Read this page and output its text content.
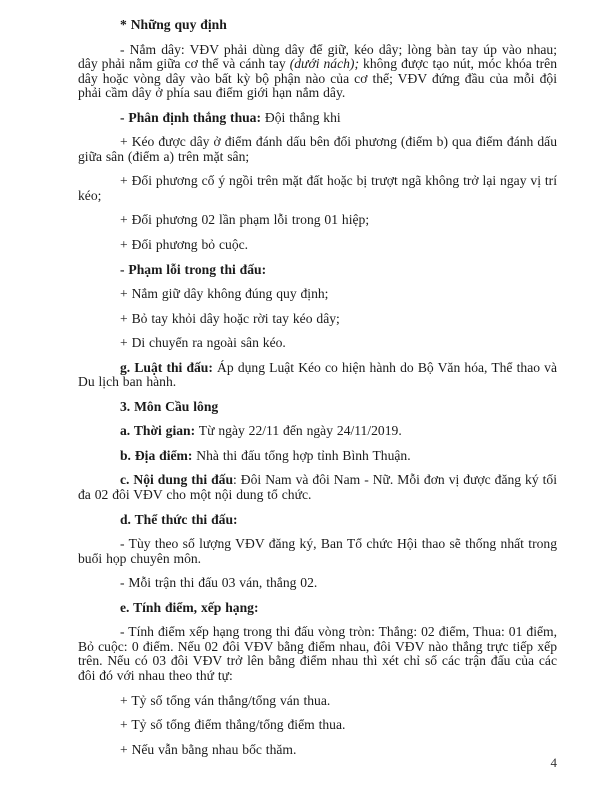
* Những quy định

- Nắm dây: VĐV phải dùng dây để giữ, kéo dây; lòng bàn tay úp vào nhau; dây phải nằm giữa cơ thể và cánh tay (dưới nách); không được tạo nút, móc khóa trên dây hoặc vòng dây vào bất kỳ bộ phận nào của cơ thể; VĐV đứng đầu của mỗi đội phải cầm dây ở phía sau điểm giới hạn nắm dây.

- Phân định thắng thua: Đội thắng khi

+ Kéo được dây ở điểm đánh dấu bên đối phương (điểm b) qua điểm đánh dấu giữa sân (điểm a) trên mặt sân;

+ Đối phương cố ý ngồi trên mặt đất hoặc bị trượt ngã không trở lại ngay vị trí kéo;

+ Đối phương 02 lần phạm lỗi trong 01 hiệp;

+ Đối phương bỏ cuộc.

- Phạm lỗi trong thi đấu:

+ Nắm giữ dây không đúng quy định;

+ Bỏ tay khỏi dây hoặc rời tay kéo dây;

+ Di chuyển ra ngoài sân kéo.

g. Luật thi đấu: Áp dụng Luật Kéo co hiện hành do Bộ Văn hóa, Thể thao và Du lịch ban hành.

3. Môn Cầu lông

a. Thời gian: Từ ngày 22/11 đến ngày 24/11/2019.

b. Địa điểm: Nhà thi đấu tổng hợp tỉnh Bình Thuận.

c. Nội dung thi đấu: Đôi Nam và đôi Nam - Nữ. Mỗi đơn vị được đăng ký tối đa 02 đôi VĐV cho một nội dung tổ chức.

d. Thể thức thi đấu:

- Tùy theo số lượng VĐV đăng ký, Ban Tổ chức Hội thao sẽ thống nhất trong buổi họp chuyên môn.

- Mỗi trận thi đấu 03 ván, thắng 02.

e. Tính điểm, xếp hạng:

- Tính điểm xếp hạng trong thi đấu vòng tròn: Thắng: 02 điểm, Thua: 01 điểm, Bỏ cuộc: 0 điểm. Nếu 02 đôi VĐV bằng điểm nhau, đôi VĐV nào thắng trực tiếp xếp trên. Nếu có 03 đôi VĐV trở lên bằng điểm nhau thì xét chỉ số các trận đấu của các đôi đó với nhau theo thứ tự:

+ Tỷ số tổng ván thắng/tổng ván thua.

+ Tỷ số tổng điểm thắng/tổng điểm thua.

+ Nếu vẫn bằng nhau bốc thăm.

4
